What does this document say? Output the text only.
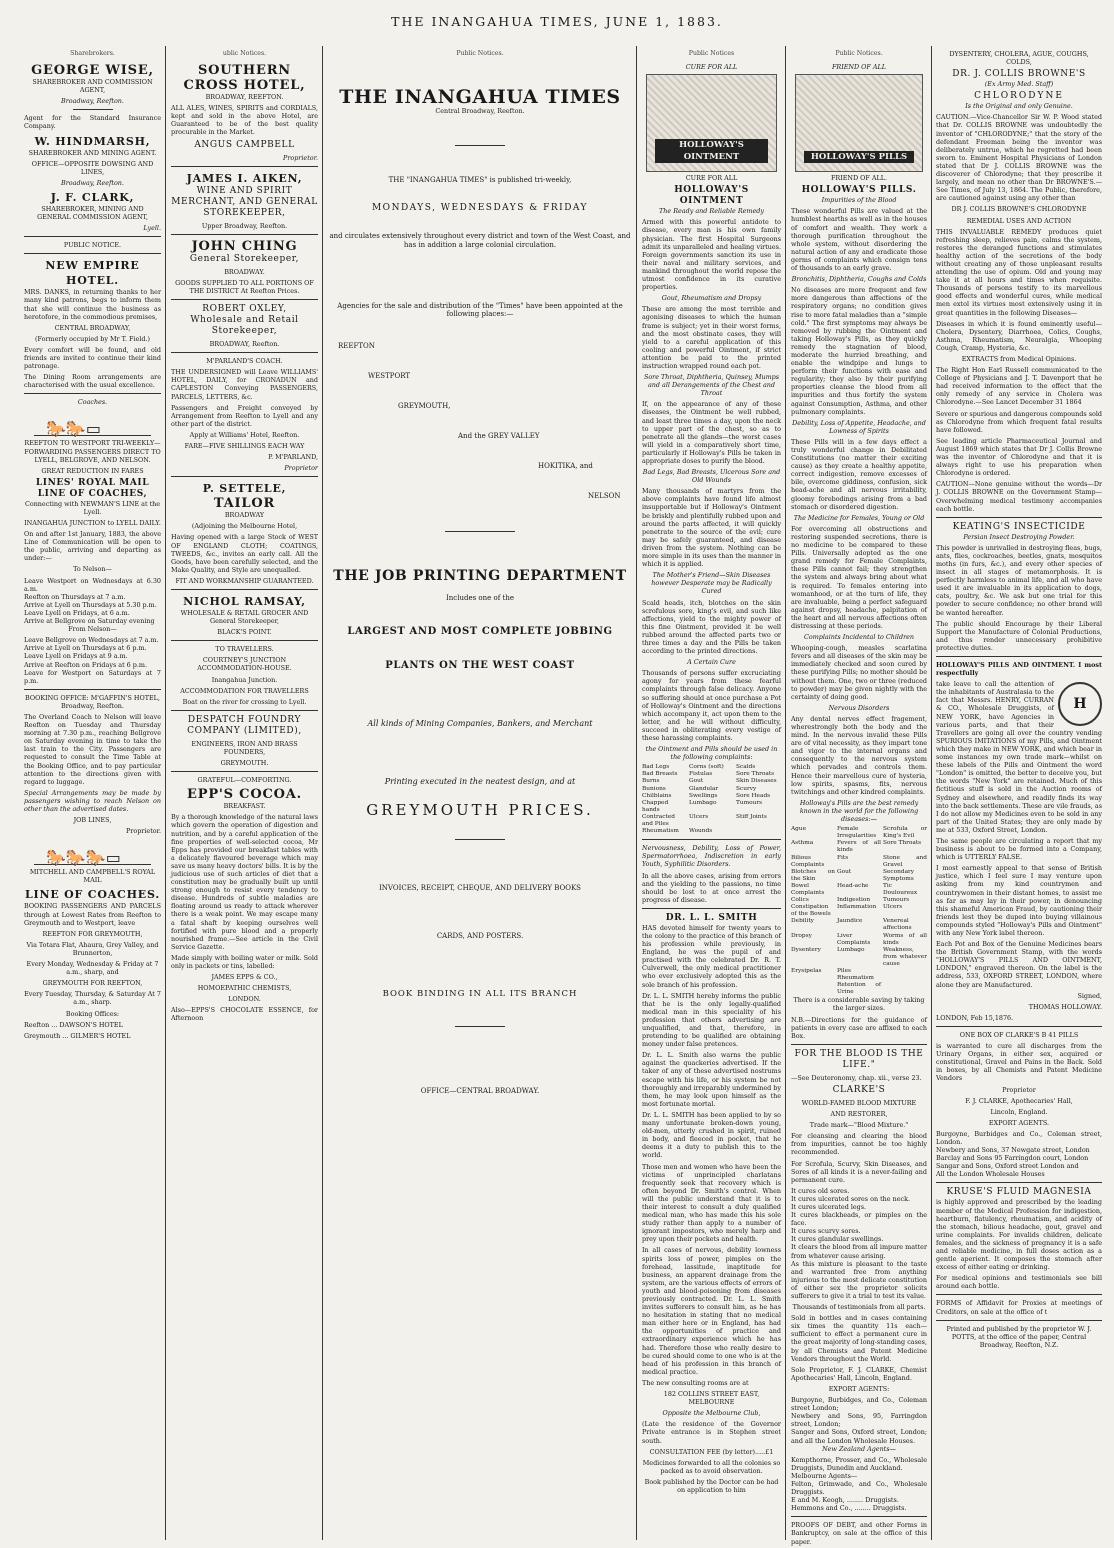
THE INANGAHUA TIMES, JUNE 1, 1883.
Sharebrokers.
GEORGE WISE,

SHAREBROKER AND COMMISSION AGENT,

Broadway, Reefton.

Agent for the Standard Insurance Company.

W. HINDMARSH,

SHAREBROKER AND MINING AGENT.

OFFICE—OPPOSITE DOWSING AND LINES,

Broadway, Reefton.

J. F. CLARK,

SHAREBROKER, MINING AND GENERAL COMMISSION AGENT,

Lyell.

PUBLIC NOTICE.

NEW EMPIRE HOTEL.

MRS. DANKS, in returning thanks to her many kind patrons, begs to inform them that she will continue the business as heretofore, in the commodious premises,

CENTRAL BROADWAY,

(Formerly occupied by Mr T. Field.)

Every comfort will be found, and old friends are invited to continue their kind patronage.

The Dining Room arrangements are characterised with the usual excellence.

Coaches.

🐎🐎▭

REEFTON TO WESTPORT TRI-WEEKLY—FORWARDING PASSENGERS DIRECT TO LYELL, BELGROVE, AND NELSON.

GREAT REDUCTION IN FARES

LINES' ROYAL MAIL LINE OF COACHES,

Connecting with NEWMAN'S LINE at the Lyell.

INANGAHUA JUNCTION to LYELL DAILY.

On and after 1st January, 1883, the above Line of Communication will be open to the public, arriving and departing as under:—

To Nelson—

Leave Westport on Wednesdays at 6.30 a.m.
Reefton on Thursdays at 7 a.m.
Arrive at Lyell on Thursdays at 5.30 p.m.
Leave Lyell on Fridays, at 6 a.m.
Arrive at Bellgrove on Saturday evening

From Nelson—

Leave Bellgrove on Wednesdays at 7 a.m.
Arrive at Lyell on Thursdays at 6 p.m.
Leave Lyell on Fridays at 9 a.m.
Arrive at Reefton on Fridays at 6 p.m.
Leave for Westport on Saturdays at 7 p.m.

BOOKING OFFICE: M'GAFFIN'S HOTEL, Broadway, Reefton.

The Overland Coach to Nelson will leave Reefton on Tuesday and Thursday morning at 7.30 p.m., reaching Bellgrove on Saturday evening in time to take the last train to the City. Passengers are requested to consult the Time Table at the Booking Office, and to pay particular attention to the directions given with regard to luggage.

Special Arrangements may be made by passengers wishing to reach Nelson on other than the advertised dates.

JOB LINES,

Proprietor.

🐎🐎🐎▭

MITCHELL AND CAMPBELL'S ROYAL MAIL

LINE OF COACHES.

BOOKING PASSENGERS AND PARCELS through at Lowest Rates from Reefton to Greymouth and to Westport, leave

REEFTON FOR GREYMOUTH,

Via Totara Flat, Ahaura, Grey Valley, and Brunnerton,

Every Monday, Wednesday & Friday at 7 a.m., sharp, and

GREYMOUTH FOR REEFTON,

Every Tuesday, Thursday, & Saturday At 7 a.m., sharp.

Booking Offices:

Reefton ... DAWSON'S HOTEL

Greymouth ... GILMER'S HOTEL

ublic Notices.
SOUTHERN CROSS HOTEL,

BROADWAY, REEFTON.

ALL ALES, WINES, SPIRITS and CORDIALS, kept and sold in the above Hotel, are Guaranteed to be of the best quality procurable in the Market.

ANGUS CAMPBELL

Proprietor.

JAMES I. AIKEN,

WINE AND SPIRIT MERCHANT, AND GENERAL STOREKEEPER,

Upper Broadway, Reefton.

JOHN CHING

General Storekeeper,

BROADWAY.

GOODS SUPPLIED TO ALL PORTIONS OF THE DISTRICT At Reefton Prices.

ROBERT OXLEY,

Wholesale and Retail Storekeeper,

BROADWAY, Reefton.

M'PARLAND'S COACH.

THE UNDERSIGNED will Leave WILLIAMS' HOTEL, DAILY, for CRONADUN and CAPLESTON Conveying PASSENGERS, PARCELS, LETTERS, &c.

Passengers and Freight conveyed by Arrangement from Reefton to Lyell and any other part of the district.

Apply at Williams' Hotel, Reefton.

FARE—FIVE SHILLINGS EACH WAY

P. M'PARLAND,

Proprietor

P. SETTELE,
TAILOR

BROADWAY

(Adjoining the Melbourne Hotel,

Having opened with a large Stock of WEST OF ENGLAND CLOTH; COATINGS, TWEEDS, &c., invites an early call. All the Goods, have been carefully selected, and the Make Quality, and Style are unequalled.

FIT AND WORKMANSHIP GUARANTEED.

NICHOL RAMSAY,

WHOLESALE & RETAIL GROCER AND General Storekeeper,

BLACK'S POINT.

TO TRAVELLERS.

COURTNEY'S JUNCTION ACCOMMODATION-HOUSE.

Inangahua Junction.

ACCOMMODATION FOR TRAVELLERS

Boat on the river for crossing to Lyell.

DESPATCH FOUNDRY COMPANY (LIMITED),

ENGINEERS, IRON AND BRASS FOUNDERS,

GREYMOUTH.

GRATEFUL—COMFORTING.

EPP'S COCOA.

BREAKFAST.

By a thorough knowledge of the natural laws which govern the operation of digestion and nutrition, and by a careful application of the fine properties of well-selected cocoa, Mr Epps has provided our breakfast tables with a delicately flavoured beverage which may save us many heavy doctors' bills. It is by the judicious use of such articles of diet that a constitution may be gradually built up until strong enough to resist every tendency to disease. Hundreds of subtle maladies are floating around us ready to attack wherever there is a weak point. We may escape many a fatal shaft by keeping ourselves well fortified with pure blood and a properly nourished frame.—See article in the Civil Service Gazette.

Made simply with boiling water or milk. Sold only in packets or tins, labelled:

JAMES EPPS & CO.,

HOMOEPATHIC CHEMISTS,

LONDON.

Also—EPPS'S CHOCOLATE ESSENCE, for Afternoon

Public Notices.
THE INANGAHUA TIMES

Central Broadway, Reefton.

THE "INANGAHUA TIMES" is published tri-weekly,

MONDAYS, WEDNESDAYS & FRIDAY

and circulates extensively throughout every district and town of the West Coast, and has in addition a large colonial circulation.

Agencies for the sale and distribution of the "Times" have been appointed at the following places:—

REEFTON
WESTPORT
GREYMOUTH,
And the GREY VALLEY
HOKITIKA, and
NELSON
THE JOB PRINTING DEPARTMENT

Includes one of the

LARGEST AND MOST COMPLETE JOBBING
PLANTS ON THE WEST COAST

All kinds of Mining Companies, Bankers, and Merchant

Printing executed in the neatest design, and at

GREYMOUTH PRICES.

INVOICES, RECEIPT, CHEQUE, AND DELIVERY BOOKS

CARDS, AND POSTERS.

BOOK BINDING IN ALL ITS BRANCH

OFFICE—CENTRAL BROADWAY.

Public Notices

CURE FOR ALL

HOLLOWAY'S OINTMENT

CURE FOR ALL

HOLLOWAY'S OINTMENT

The Ready and Reliable Remedy

Armed with this powerful antidote to disease, every man is his own family physician. The first Hospital Surgeons admit its unparalleled and healing virtues. Foreign governments sanction its use in their naval and military services, and mankind throughout the world repose the utmost confidence in its curative properties.

Gout, Rheumatism and Dropsy

These are among the most terrible and agonising diseases to which the human frame is subject; yet in their worst forms, and the most obstinate cases, they will yield to a careful application of this cooling and powerful Ointment, if strict attention be paid to the printed instruction wrapped round each pot.

Sore Throat, Diphtheria, Quinsey, Mumps and all Derangements of the Chest and Throat

If, on the appearance of any of these diseases, the Ointment be well rubbed, and least three times a day, upon the neck to upper part of the chest, so as to penetrate all the glands—the worst cases will yield in a comparatively short time, particularly if Holloway's Pills be taken in appropriate doses to purify the blood.

Bad Legs, Bad Breasts, Ulcerous Sore and Old Wounds

Many thousands of martyrs from the above complaints have found life almost insupportable but if Holloway's Ointment be briskly and plentifully rubbed upon and around the parts affected, it will quickly penetrate to the source of the evil; cure may be safely guaranteed, and disease driven from the system. Nothing can be more simple in its uses than the manner in which it is applied.

The Mother's Friend—Skin Diseases however Desperate may be Radically Cured

Scald heads, itch, blotches on the skin scrofulous sore, king's evil, and such like affections, yield to the mighty power of this fine Ointment, provided it be well rubbed around the affected parts two or three times a day and the Pills be taken according to the printed directions.

A Certain Cure

Thousands of persons suffer excruciating agony for years from these fearful complaints through false delicacy. Anyone so suffering should at once purchase a Pot of Holloway's Ointment and the directions which accompany it, act upon them to the letter, and he will without difficulty, succeed in obliterating every vestige of these harassing complaints.

the Ointment and Pills should be used in the following complaints:

Bad Legs	Corns (soft)	Scalds
Bad Breasts	Fistulas	Sore Throats
Burns	Gout	Skin Diseases
Bunions	Glandular	Scurvy
Chilblains	Swellings	Sore Heads
Chapped hands
Lumbago	Tumours
Contracted and Piles
Ulcers	Stiff Joints
Rheumatism	Wounds

Nervousness, Debility, Loss of Power, Spermatorrhoea, Indiscretion in early Youth, Syphilitic Disorders.

In all the above cases, arising from errors and the yielding to the passions, no time should be lost to at once arrest the progress of disease.

DR. L. L. SMITH

HAS devoted himself for twenty years to the colony to the practice of this branch of his profession while previously, in England, he was the pupil of and practised with the celebrated Dr. R. T. Culverwell, the only medical practitioner who ever exclusively adopted this as the sole branch of his profession.

Dr. L. L. SMITH hereby informs the public that he is the only legally-qualified medical man in this speciality of his profession that others advertising are unqualified, and that, therefore, in pretending to be qualified are obtaining money under false pretences.

Dr. L. L. Smith also warns the public against the quackeries advertised. If the taker of any of these advertised nostrums escape with his life, or his system be not thoroughly and irreparably undermined by them, he may look upon himself as the most fortunate mortal.

Dr. L. L. SMITH has been applied to by so many unfortunate broken-down young, old-men, utterly crushed in spirit, ruined in body, and fleeced in pocket, that he deems it a duty to publish this to the world.

Those men and women who have been the victims of unprincipled charlatans frequently seek that recovery which is often beyond Dr. Smith's control. When will the public understand that it is to their interest to consult a duly qualified medical man, who has made this his sole study rather than apply to a number of ignorant impostors, who merely harp and prey upon their pockets and health.

In all cases of nervous, debility lowness spirits loss of power, pimples on the forehead, lassitude, inaptitude for business, an apparent drainage from the system, are the various effects of errors of youth and blood-poisoning from diseases previously contracted. Dr. L. L. Smith invites sufferers to consult him, as he has no hesitation in stating that no medical man either here or in England, has had the opportunities of practice and extraordinary experience which he has had. Therefore those who really desire to be cured should come to one who is at the head of his profession in this branch of medical practice.

The new consulting rooms are at

182 COLLINS STREET EAST, MELBOURNE

Opposite the Melbourne Club,

(Late the residence of the Governor Private entrance is in Stephen street south.

CONSULTATION FEE (by letter).....£1

Medicines forwarded to all the colonies so packed as to avoid observation.

Book published by the Doctor can be had on application to him

Public Notices.

FRIEND OF ALL

HOLLOWAY'S PILLS

FRIEND OF ALL.

HOLLOWAY'S PILLS.

Impurities of the Blood

These wonderful Pills are valued at the humblest hearths as well as in the houses of comfort and wealth. They work a thorough purification throughout the whole system, without disordering the natural action of any and eradicate those germs of complaints which consign tens of thousands to an early grave.

Bronchitis, Diphtheria, Coughs and Colds

No diseases are more frequent and few more dangerous than affections of the respiratory organs; no condition gives rise to more fatal maladies than a "simple cold." The first symptoms may always be removed by rubbing the Ointment and taking Holloway's Pills, as they quickly remedy the stagnation of blood, moderate the hurried breathing, and enable the windpipe and lungs to perform their functions with ease and regularity; they also by their purifying properties cleanse the blood from all impurities and thus fortify the system against Consumption, Asthma, and other pulmonary complaints.

Debility, Loss of Appetite, Headache, and Lowness of Spirits

These Pills will in a few days effect a truly wonderful change in Debilitated Constitutions (no matter their exciting cause) as they create a healthy appetite, correct indigestion, remove excesses of bile, overcome giddiness, confusion, sick head-ache and all nervous irritability, gloomy forebodings arising from a bad stomach or disordered digestion.

The Medicine for Females, Young or Old

For overcoming all obstructions and restoring suspended secretions, there is no medicine to be compared to these Pills. Universally adopted as the one grand remedy for Female Complaints, these Pills cannot fail; they strengthen the system and always bring about what is required. To females entering into womanhood, or at the turn of life, they are invaluable, being a perfect safeguard against dropsy, headache, palpitation of the heart and all nervous affections often distressing at these periods.

Complaints Incidental to Children

Whooping-cough, measles scarlatina fevers and all diseases of the skin may be immediately checked and soon cured by these purifying Pills; no mother should be without them. One, two or three (reduced to powder) may be given nightly with the certainty of doing good.

Nervous Disorders

Any dental nerves effect fragement, wherestrongly both the body and the mind. In the nervous invalid these Pills are of vital necessity, as they impart tone and vigor to the internal organs and consequently to the nervous system which pervades and controls them. Hence their marvellous cure of hysteria, low spirits, spasms, fits, nervous twitchings and other kindred complaints.

Holloway's Pills are the best remedy known in the world for the following diseases:—

Ague	Female Irregularities
Scrofula or King's Evil
Asthma	Fevers of all kinds
Sore Throats
Bilious Complaints
Fits	Stone and Gravel
Blotches on the Skin
Gout	Secondary Symptoms
Bowel Complaints
Head-ache	Tic Douloureux
Colics	Indigestion	Tumours
Constipation of the Bowels
Inflammation	Ulcers
Debility	Jaundice	Venereal affections
Dropsy	Liver Complaints
Worms of all kinds
Dysentery	Lumbago	Weakness, from whatever cause
Erysipelas	Piles
Rheumatism
Retention of Urine

There is a considerable saving by taking the larger sizes.

N.B.—Directions for the guidance of patients in every case are affixed to each Box.

FOR THE BLOOD IS THE LIFE."

—See Deuteronomy, chap. xii., verse 23.

CLARKE'S

WORLD-FAMED BLOOD MIXTURE

AND RESTORER,

Trade mark—"Blood Mixture."

For cleansing and clearing the blood from impurities, cannot be too highly recommended.

For Scrofula, Scurvy, Skin Diseases, and Sores of all kinds it is a never-failing and permanent cure.

It cures old sores.
It cures ulcerated sores on the neck.
It cures ulcerated legs.
It cures blackheads, or pimples on the face.
It cures scurvy sores.
It cures glandular swellings.
It clears the blood from all impure matter from whatever cause arising.

As this mixture is pleasant to the taste and warranted free from anything injurious to the most delicate constitution of either sex the proprietor solicits sufferers to give it a trial to test its value.

Thousands of testimonials from all parts.

Sold in bottles and in cases containing six times the quantity 11s each—sufficient to effect a permanent cure in the great majority of long-standing cases, by all Chemists and Patent Medicine Vendors throughout the World.

Sole Proprietor, F. J. CLARKE, Chemist Apothecaries' Hall, Lincoln, England.

EXPORT AGENTS:

Burgoyne, Burbidges, and Co., Coleman street London;
Newbery and Sons, 95, Farringdon street, London;
Sanger and Sons, Oxford street, London; and all the London Wholesale Houses.

New Zealand Agents—

Kempthorne, Prosser, and Co., Wholesale Druggists, Dunedin and Auckland.
Melbourne Agents—
Felton, Grimwade, and Co., Wholesale Druggists.
E and M. Keogh, ........ Druggists.
Hemmons and Co., ........ Druggists.

PROOFS OF DEBT, and other Forms in Bankruptcy, on sale at the office of this paper.

DYSENTERY, CHOLERA, AGUE, COUGHS, COLDS,

DR. J. COLLIS BROWNE'S

(Ex Army Med. Staff)

CHLORODYNE

Is the Original and only Genuine.

CAUTION.—Vice-Chancellor Sir W. P. Wood stated that Dr. COLLIS BROWNE was undoubtedly the inventor of "CHLORODYNE;" that the story of the defendant Freeman being the inventor was deliberately untrue, which he regretted had been sworn to. Eminent Hospital Physicians of London stated that Dr J. COLLIS BROWNE was the discoverer of Chlorodyne; that they prescribe it largely, and mean no other than Dr BROWNE'S.—See Times, of July 13, 1864. The Public, therefore, are cautioned against using any other than

DR J. COLLIS BROWNE'S CHLORODYNE

REMEDIAL USES AND ACTION

THIS INVALUABLE REMEDY produces quiet refreshing sleep, relieves pain, calms the system, restores the deranged functions and stimulates healthy action of the secretions of the body without creating any of those unpleasant results attending the use of opium. Old and young may take it at all hours and times when requisite. Thousands of persons testify to its marvellous good effects and wonderful cures, while medical men extol its virtues most extensively using it in great quantities in the following Diseases—

Diseases in which it is found eminently useful—Cholera, Dysentery, Diarrhoea, Colics, Coughs, Asthma, Rheumatism, Neuralgia, Whooping Cough, Cramp, Hysteria, &c.

EXTRACTS from Medical Opinions.

The Right Hon Earl Russell communicated to the College of Physicians and J. T. Davenport that he had received information to the effect that the only remedy of any service in Cholera was Chlorodyne.—See Lancet December 31 1864

Severe or spurious and dangerous compounds sold as Chlorodyne from which frequent fatal results have followed.

See leading article Pharmaceutical Journal and August 1869 which states that Dr J. Collis Browne was the inventor of Chlorodyne and that it is always right to use his preparation when Chlorodyne is ordered.

CAUTION—None genuine without the words—Dr J. COLLIS BROWNE on the Government Stamp—Overwhelming medical testimony accompanies each bottle.

KEATING'S INSECTICIDE

Persian Insect Destroying Powder.

This powder is unrivalled in destroying fleas, bugs, ants, flies, cockroaches, beetles, gnats, mosquitos moths (in furs, &c.), and every other species of insect in all stages of metamorphosis. It is perfectly harmless to animal life, and all who have used it are invaluable in its application to dogs, cats, poultry, &c. We ask but one trial for this powder to secure confidence; no other brand will be wanted hereafter.

The public should Encourage by their Liberal Support the Manufacture of Colonial Productions, and thus render unnecessary prohibitive protective duties.

HOLLOWAY'S PILLS AND OINTMENT. I most respectfully

H

take leave to call the attention of the inhabitants of Australasia to the fact that Messrs. HENRY, CURRAN & CO., Wholesale Druggists, of NEW YORK, have Agencies in various parts, and that their Travellers are going all over the country vending SPURIOUS IMITATIONS of my Pills, and Ointment which they make in NEW YORK, and which bear in some instances my own trade mark—whilst on these labels of the Pills and Ointment the word "London" is omitted, the better to deceive you, but the words "New York" are retained. Much of this fictitious stuff is sold in the Auction rooms of Sydney and elsewhere, and readily finds its way into the back settlements. These are vile frauds, as I do not allow my Medicines even to be sold in any part of the United States; they are only made by me at 533, Oxford Street, London.

The same people are circulating a report that my business is about to be formed into a Company, which is UTTERLY FALSE.

I most earnestly appeal to that sense of British justice, which I feel sure I may venture upon asking from my kind countrymen and countrywomen in their distant homes, to assist me as far as may lay in their power, in denouncing this shameful American Fraud, by cautioning their friends lest they be duped into buying villainous compounds styled "Holloway's Pills and Ointment" with any New York label thereon.

Each Pot and Box of the Genuine Medicines bears the British Government Stamp, with the words "HOLLOWAY'S PILLS AND OINTMENT, LONDON," engraved thereon. On the label is the address, 533, OXFORD STREET, LONDON, where alone they are Manufactured.

Signed,

THOMAS HOLLOWAY.

LONDON, Feb 15,1876.

ONE BOX OF CLARKE'S B 41 PILLS

is warranted to cure all discharges from the Urinary Organs, in either sex, acquired or constitutional, Gravel and Pains in the Back. Sold in boxes, by all Chemists and Patent Medicine Vendors

Proprietor

F. J. CLARKE, Apothecaries' Hall,

Lincoln, England.

EXPORT AGENTS.

Burgoyne, Burbidges and Co., Coleman street, London.
Newbery and Sons, 37 Newgate street, London
Barclay and Sons 95 Farringdon court, London
Sangar and Sons, Oxford street London and
All the London Wholesale Houses
KRUSE'S FLUID MAGNESIA

is highly approved and prescribed by the leading member of the Medical Profession for indigestion, heartburn, flatulency, rheumatism, and acidity of the stomach, bilious headache, gout, gravel and urine complaints. For invalids children, delicate females, and the sickness of pregnancy it is a safe and reliable medicine, in full doses action as a gentle aperient. It composes the stomach after excess of either eating or drinking.

For medical opinions and testimonials see bill around each bottle.

FORMS of Affidavit for Proxies at meetings of Creditors, on sale at the office of t

Printed and published by the proprietor W. J. POTTS, at the office of the paper, Central Broadway, Reefton, N.Z.
